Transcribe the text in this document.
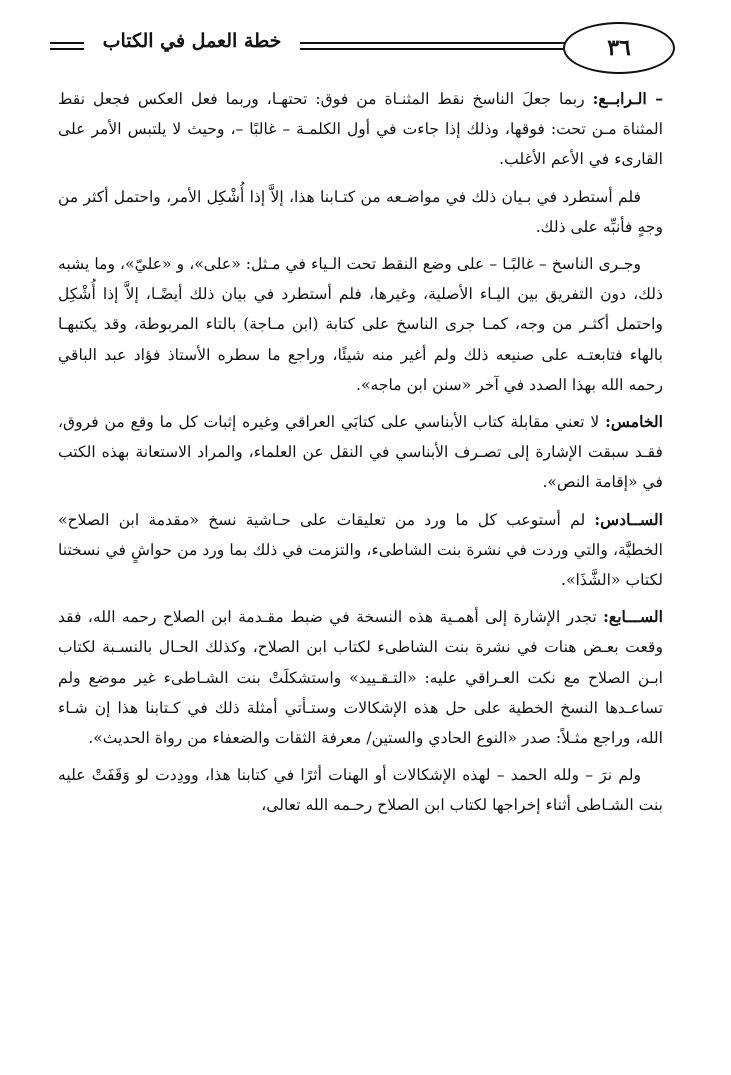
٣٦
خطة العمل في الكتاب

– الـرابــع: ربما جعلَ الناسخ نقط المثنـاة من فوق: تحتهـا، وربما فعل العكس فجعل نقط المثناة مـن تحت: فوقها، وذلك إذا جاءت في أول الكلمـة – غالبًا –، وحيث لا يلتبس الأمر على القارىء في الأعم الأغلب.

فلم أستطرد في بـيان ذلك في مواضـعه من كتـابنا هذا، إلاَّ إذا أُشْكِل الأمر، واحتمل أكثر من وجهٍ فأنبِّه على ذلك.

وجـرى الناسخ – غالبًـا – على وضع النقط تحت الـياء في مـثل: «على»، و «عليّ»، وما يشبه ذلك، دون التفريق بين اليـاء الأصلية، وغيرها، فلم أستطرد في بيان ذلك أيضًـا، إلاَّ إذا أُشْكِل واحتمل أكثـر من وجه، كمـا جرى الناسخ على كتابة (ابن مـاجة) بالتاء المربوطة، وقد يكتبهـا بالهاء فتابعتـه على صنيعه ذلك ولم أغير منه شيئًا، وراجع ما سطره الأستاذ فؤاد عبد الباقي رحمه الله بهذا الصدد في آخر «سنن ابن ماجه».

الخامس: لا تعني مقابلة كتاب الأبناسي على كتابَي العراقي وغيره إثبات كل ما وقع من فروق، فقـد سبقت الإشارة إلى تصـرف الأبناسي في النقل عن العلماء، والمراد الاستعانة بهذه الكتب في «إقامة النص».

الســادس: لم أستوعب كل ما ورد من تعليقات على حـاشية نسخ «مقدمة ابن الصلاح» الخطيَّة، والتي وردت في نشرة بنت الشاطىء، والتزمت في ذلك بما ورد من حواشٍ في نسختنا لكتاب «الشَّذَا».

الســـابع: تجدر الإشارة إلى أهمـية هذه النسخة في ضبط مقـدمة ابن الصلاح رحمه الله، فقد وقعت بعـض هنات في نشرة بنت الشاطىء لكتاب ابن الصلاح، وكذلك الحـال بالنسـبة لكتاب ابـن الصلاح مع نكت العـراقي عليه: «التـقـييد» واستشكلَتْ بنت الشـاطىء غير موضع ولم تساعـدها النسخ الخطية على حل هذه الإشكالات وستـأتي أمثلة ذلك في كـتابنا هذا إن شـاء الله، وراجع مثـلاً: صدر «النوع الحادي والستين/ معرفة الثقات والضعفاء من رواة الحديث».

ولم نرَ – ولله الحمد – لهذه الإشكالات أو الهنات أثرًا في كتابنا هذا، وودِدت لو وَقَفَتْ عليه بنت الشـاطى أثناء إخراجها لكتاب ابن الصلاح رحـمه الله تعالى،
